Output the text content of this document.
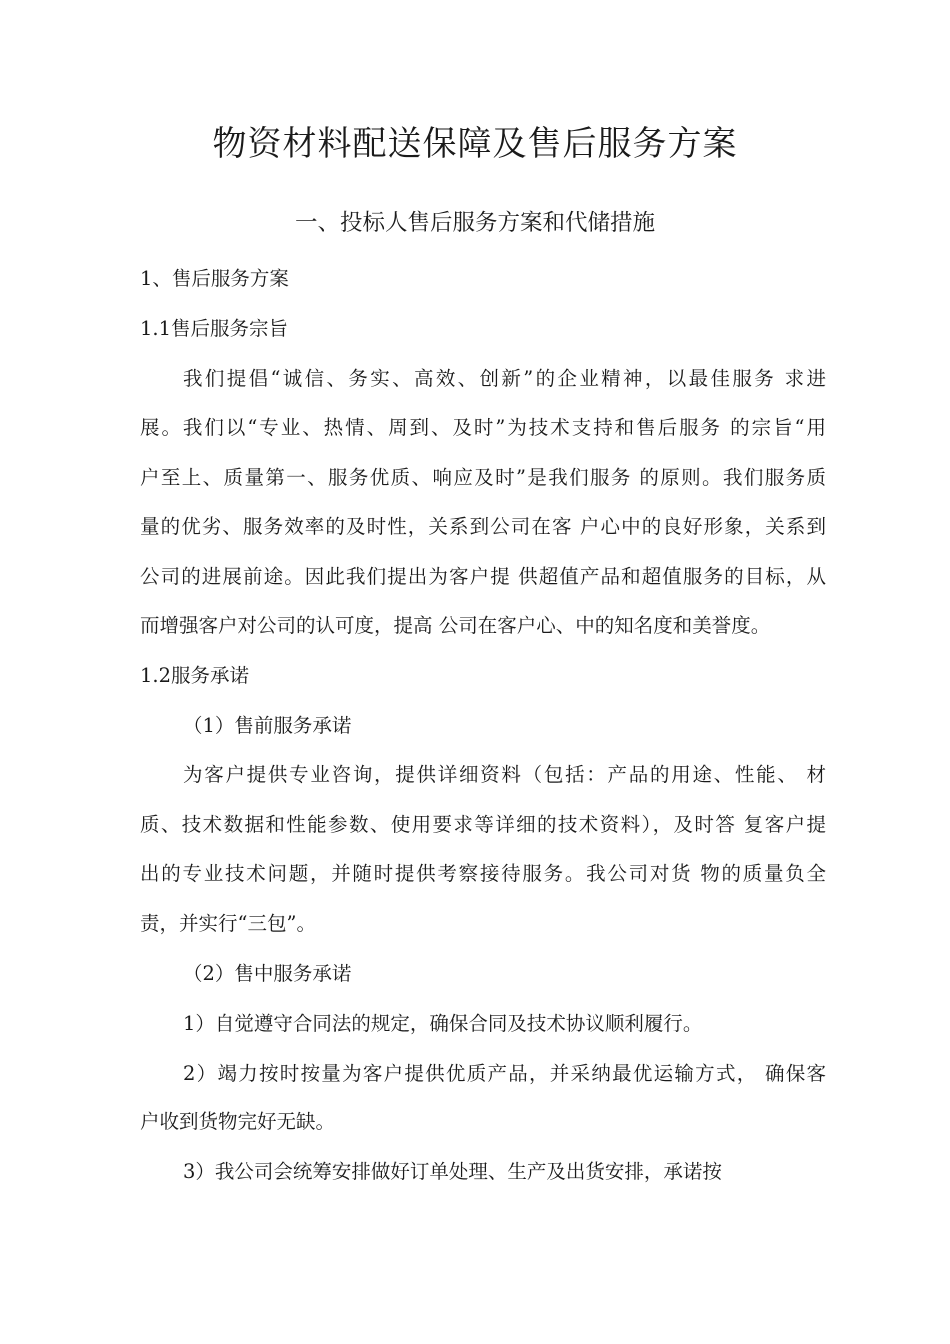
物资材料配送保障及售后服务方案
一、投标人售后服务方案和代储措施
1、售后服务方案
1.1售后服务宗旨
我们提倡“诚信、务实、高效、创新”的企业精神，以最佳服务 求进
展。我们以“专业、热情、周到、及时”为技术支持和售后服务 的宗旨“用
户至上、质量第一、服务优质、响应及时”是我们服务 的原则。我们服务质
量的优劣、服务效率的及时性，关系到公司在客 户心中的良好形象，关系到
公司的进展前途。因此我们提出为客户提 供超值产品和超值服务的目标，从
而增强客户对公司的认可度，提高 公司在客户心、中的知名度和美誉度。
1.2服务承诺
（1）售前服务承诺
为客户提供专业咨询，提供详细资料（包括：产品的用途、性能、 材
质、技术数据和性能参数、使用要求等详细的技术资料），及时答 复客户提
出的专业技术问题，并随时提供考察接待服务。我公司对货 物的质量负全
责，并实行“三包”。
（2）售中服务承诺
1）自觉遵守合同法的规定，确保合同及技术协议顺利履行。
2）竭力按时按量为客户提供优质产品，并采纳最优运输方式， 确保客
户收到货物完好无缺。
3）我公司会统筹安排做好订单处理、生产及出货安排，承诺按
